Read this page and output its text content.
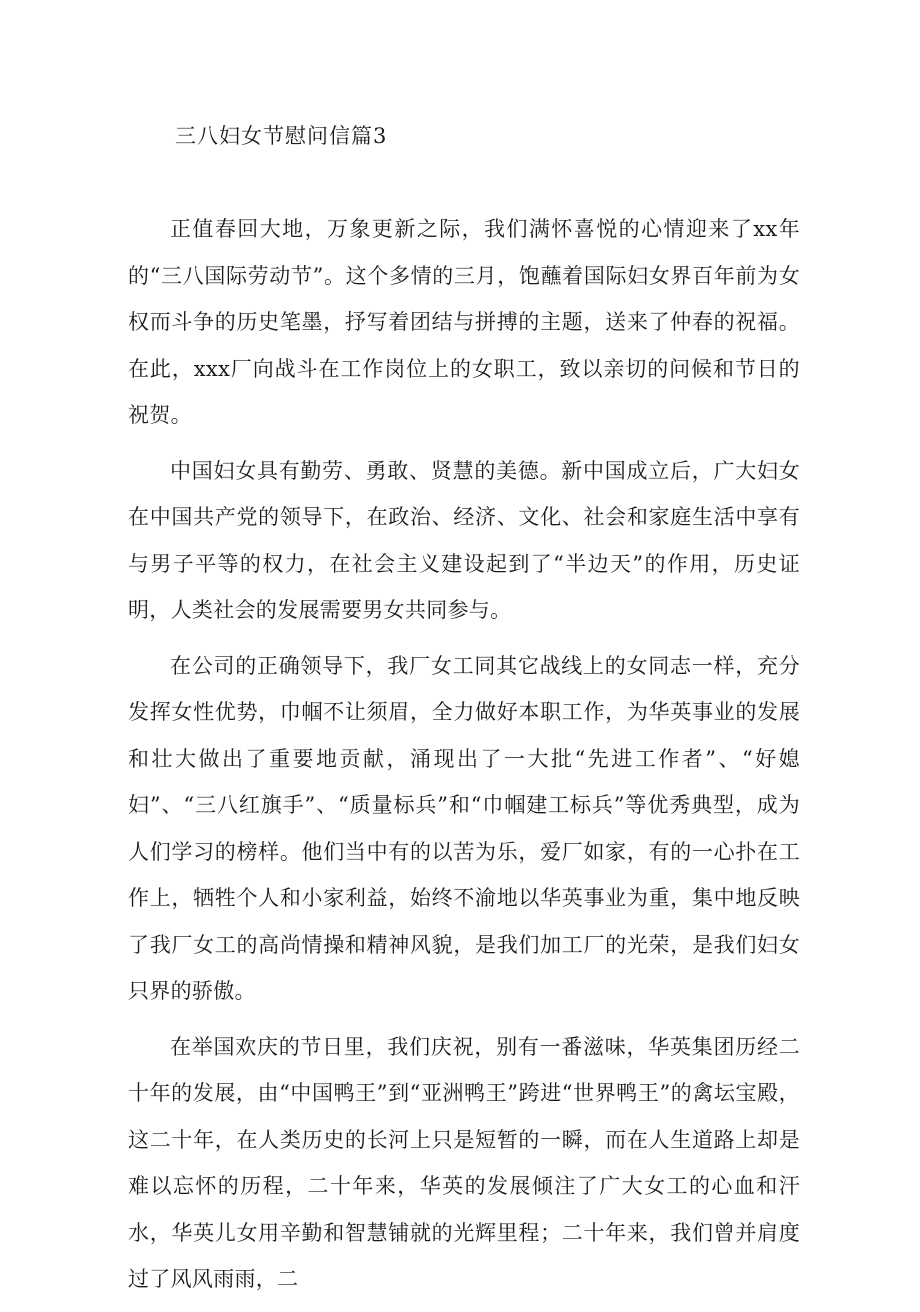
三八妇女节慰问信篇3

正值春回大地，万象更新之际，我们满怀喜悦的心情迎来了xx年的“三八国际劳动节”。这个多情的三月，饱蘸着国际妇女界百年前为女权而斗争的历史笔墨，抒写着团结与拼搏的主题，送来了仲春的祝福。在此，xxx厂向战斗在工作岗位上的女职工，致以亲切的问候和节日的祝贺。

中国妇女具有勤劳、勇敢、贤慧的美德。新中国成立后，广大妇女在中国共产党的领导下，在政治、经济、文化、社会和家庭生活中享有与男子平等的权力，在社会主义建设起到了“半边天”的作用，历史证明，人类社会的发展需要男女共同参与。

在公司的正确领导下，我厂女工同其它战线上的女同志一样，充分发挥女性优势，巾帼不让须眉，全力做好本职工作，为华英事业的发展和壮大做出了重要地贡献，涌现出了一大批“先进工作者”、“好媳妇”、“三八红旗手”、“质量标兵”和“巾帼建工标兵”等优秀典型，成为人们学习的榜样。他们当中有的以苦为乐，爱厂如家，有的一心扑在工作上，牺牲个人和小家利益，始终不渝地以华英事业为重，集中地反映了我厂女工的高尚情操和精神风貌，是我们加工厂的光荣，是我们妇女只界的骄傲。

在举国欢庆的节日里，我们庆祝，别有一番滋味，华英集团历经二十年的发展，由“中国鸭王”到“亚洲鸭王”跨进“世界鸭王”的禽坛宝殿，这二十年，在人类历史的长河上只是短暂的一瞬，而在人生道路上却是难以忘怀的历程，二十年来，华英的发展倾注了广大女工的心血和汗水，华英儿女用辛勤和智慧铺就的光辉里程；二十年来，我们曾并肩度过了风风雨雨，二
